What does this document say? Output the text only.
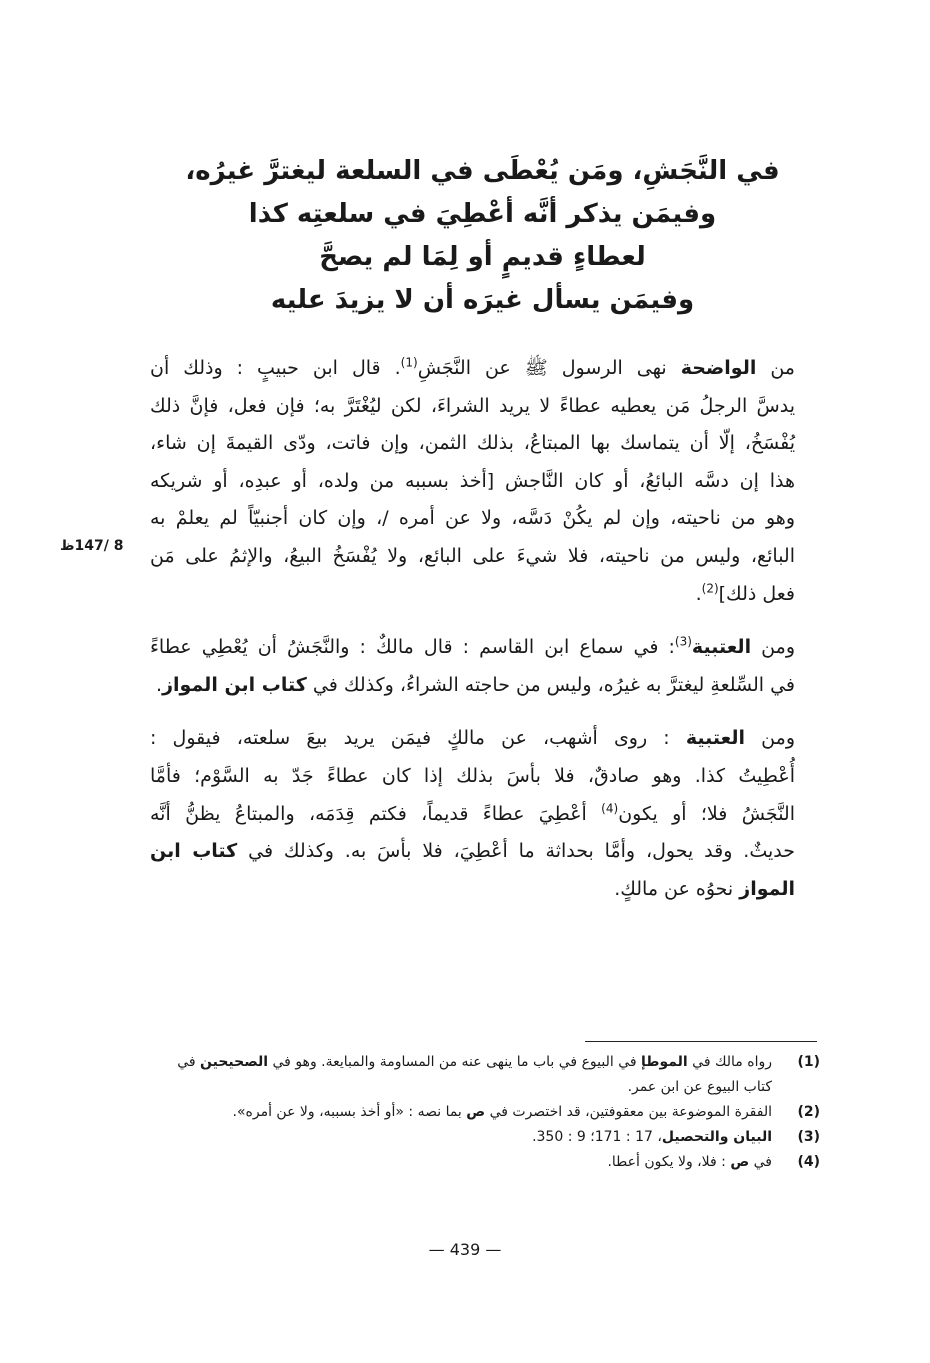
في النَّجَشِ، ومَن يُعْطَى في السلعة ليغترَّ غيرُه،
وفيمَن يذكر أنَّه أعْطِيَ في سلعتِه كذا
لعطاءٍ قديمٍ أو لِمَا لم يصحَّ
وفيمَن يسأل غيرَه أن لا يزيدَ عليه

من الواضحة نهى الرسول ﷺ عن النَّجَشِ$^{(1)}$. قال ابن حبيبٍ : وذلك أن
يدسَّ الرجلُ مَن يعطيه عطاءً لا يريد الشراءَ، لكن ليُغْتَرَّ به؛ فإن فعل، فإنَّ ذلك
يُفْسَخُ، إلّا أن يتماسك بها المبتاعُ، بذلك الثمن، وإن فاتت، ودّى القيمةَ إن شاء،
هذا إن دسَّه البائعُ، أو كان النَّاجش [أخذ بسببه من ولده، أو عبدِه، أو شريكه
وهو من ناحيته، وإن لم يكُنْ دَسَّه، ولا عن أمره /، وإن كان أجنبيّاً لم يعلمْ به
البائع، وليس من ناحيته، فلا شيءَ على البائع، ولا يُفْسَخُ البيعُ، والإثمُ على مَن
فعل ذلك]$^{(2)}$.

ومن العتبية$^{(3)}$: في سماع ابن القاسم : قال مالكٌ : والنَّجَشُ أن يُعْطِي عطاءً
في السِّلعةِ ليغترَّ به غيرُه، وليس من حاجته الشراءُ، وكذلك في كتاب ابن المواز.

ومن العتبية : روى أشهب، عن مالكٍ فيمَن يريد بيعَ سلعته، فيقول :
أُعْطِيتُ كذا. وهو صادقٌ، فلا بأسَ بذلك إذا كان عطاءً جَدّ به السَّوْم؛ فأمَّا
النَّجَشُ فلا؛ أو يكون$^{(4)}$ أعْطِيَ عطاءً قديماً، فكتم قِدَمَه، والمبتاعُ يظنُّ أنَّه
حديثٌ. وقد يحول، وأمَّا بحداثة ما أعْطِيَ، فلا بأسَ به. وكذلك في كتاب ابن
المواز نحوُه عن مالكٍ.

8 /147ظ
(1)
رواه مالك في الموطإ في البيوع في باب ما ينهى عنه من المساومة والمبايعة. وهو في الصحيحين في كتاب البيوع عن ابن عمر.
(2)
الفقرة الموضوعة بين معقوفتين، قد اختصرت في ص بما نصه : «أو أخذ بسببه، ولا عن أمره».
(3)
البيان والتحصيل، 17 : 171؛ 9 : 350.
(4)
في ص : فلا، ولا يكون أعطا.
— 439 —
